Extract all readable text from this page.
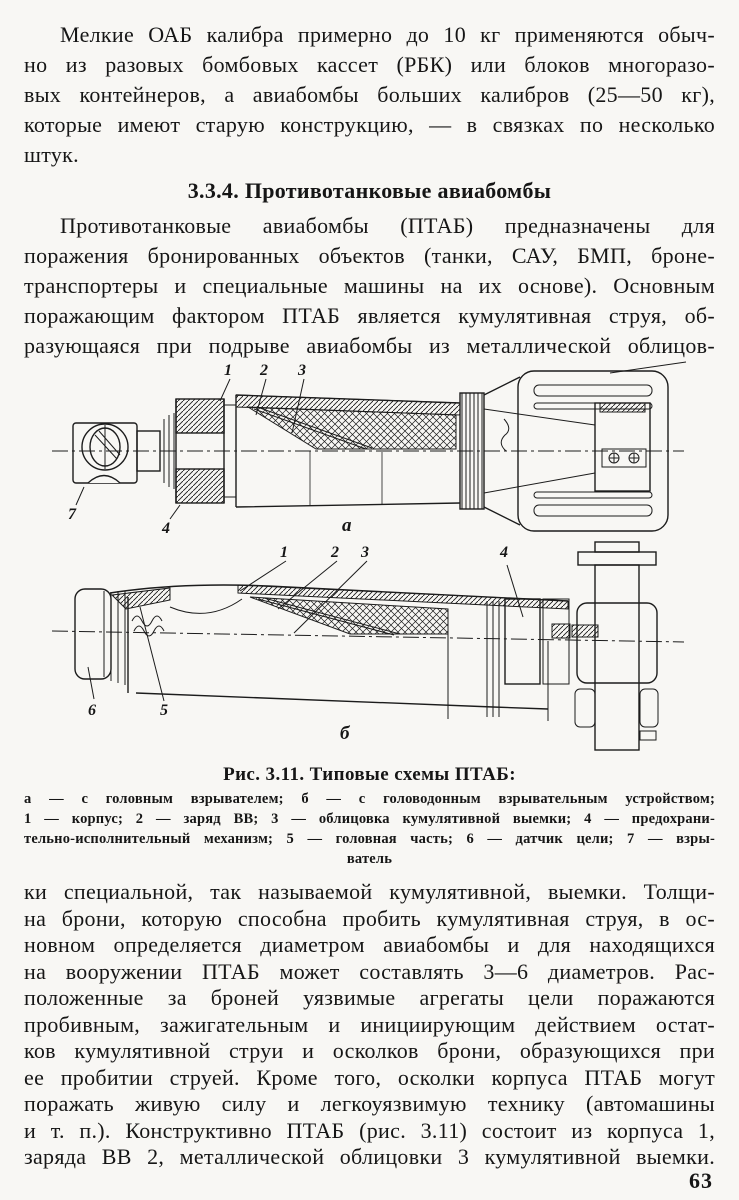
Мелкие ОАБ калибра примерно до 10 кг применяются обыч-
но из разовых бомбовых кассет (РБК) или блоков многоразо-
вых контейнеров, а авиабомбы больших калибров (25—50 кг),
которые имеют старую конструкцию, — в связках по несколько
штук.
3.3.4. Противотанковые авиабомбы
Противотанковые авиабомбы (ПТАБ) предназначены для
поражения бронированных объектов (танки, САУ, БМП, броне-
транспортеры и специальные машины на их основе). Основным
поражающим фактором ПТАБ является кумулятивная струя, об-
разующаяся при подрыве авиабомбы из металлической облицов-
1 2 3
4
7
а
1	2 3	4
5
6
б
Рис. 3.11. Типовые схемы ПТАБ:
а — с головным взрывателем; б — с головодонным взрывательным устройством;
1 — корпус; 2 — заряд ВВ; 3 — облицовка кумулятивной выемки; 4 — предохрани-
тельно-исполнительный механизм; 5 — головная часть; 6 — датчик цели; 7 — взры-
ватель
ки специальной, так называемой кумулятивной, выемки. Толщи-
на брони, которую способна пробить кумулятивная струя, в ос-
новном определяется диаметром авиабомбы и для находящихся
на вооружении ПТАБ может составлять 3—6 диаметров. Рас-
положенные за броней уязвимые агрегаты цели поражаются
пробивным, зажигательным и инициирующим действием остат-
ков кумулятивной струи и осколков брони, образующихся при
ее пробитии струей. Кроме того, осколки корпуса ПТАБ могут
поражать живую силу и легкоуязвимую технику (автомашины
и т. п.). Конструктивно ПТАБ (рис. 3.11) состоит из корпуса 1,
заряда ВВ 2, металлической облицовки 3 кумулятивной выемки.
63
